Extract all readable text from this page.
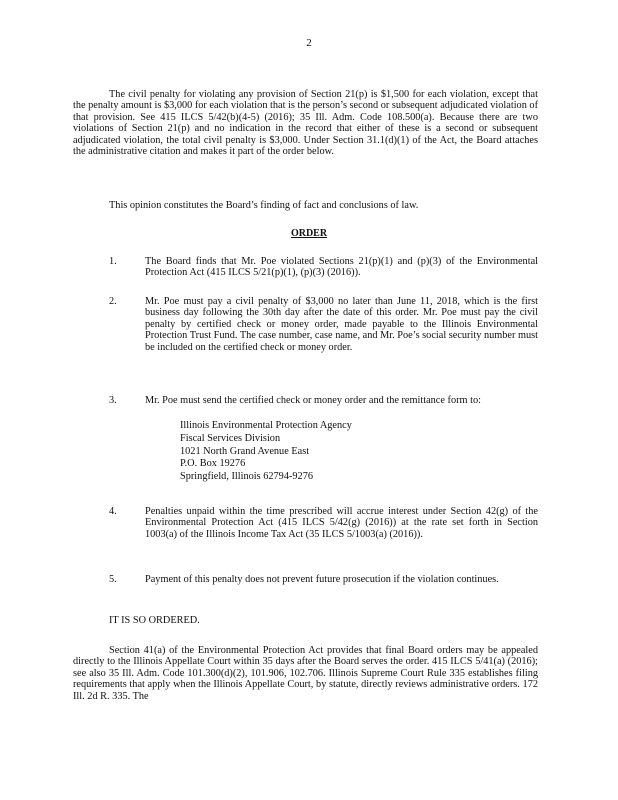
2

The civil penalty for violating any provision of Section 21(p) is $1,500 for each violation, except that the penalty amount is $3,000 for each violation that is the person’s second or subsequent adjudicated violation of that provision. See 415 ILCS 5/42(b)(4-5) (2016); 35 Ill. Adm. Code 108.500(a). Because there are two violations of Section 21(p) and no indication in the record that either of these is a second or subsequent adjudicated violation, the total civil penalty is $3,000. Under Section 31.1(d)(1) of the Act, the Board attaches the administrative citation and makes it part of the order below.

This opinion constitutes the Board’s finding of fact and conclusions of law.

ORDER
1.	The Board finds that Mr. Poe violated Sections 21(p)(1) and (p)(3) of the Environmental Protection Act (415 ILCS 5/21(p)(1), (p)(3) (2016)).
2.	Mr. Poe must pay a civil penalty of $3,000 no later than June 11, 2018, which is the first business day following the 30th day after the date of this order. Mr. Poe must pay the civil penalty by certified check or money order, made payable to the Illinois Environmental Protection Trust Fund. The case number, case name, and Mr. Poe’s social security number must be included on the certified check or money order.
3.	Mr. Poe must send the certified check or money order and the remittance form to:
Illinois Environmental Protection Agency
Fiscal Services Division
1021 North Grand Avenue East
P.O. Box 19276
Springfield, Illinois 62794-9276
4.	Penalties unpaid within the time prescribed will accrue interest under Section 42(g) of the Environmental Protection Act (415 ILCS 5/42(g) (2016)) at the rate set forth in Section 1003(a) of the Illinois Income Tax Act (35 ILCS 5/1003(a) (2016)).
5.	Payment of this penalty does not prevent future prosecution if the violation continues.

IT IS SO ORDERED.

Section 41(a) of the Environmental Protection Act provides that final Board orders may be appealed directly to the Illinois Appellate Court within 35 days after the Board serves the order. 415 ILCS 5/41(a) (2016); see also 35 Ill. Adm. Code 101.300(d)(2), 101.906, 102.706. Illinois Supreme Court Rule 335 establishes filing requirements that apply when the Illinois Appellate Court, by statute, directly reviews administrative orders. 172 Ill. 2d R. 335. The
